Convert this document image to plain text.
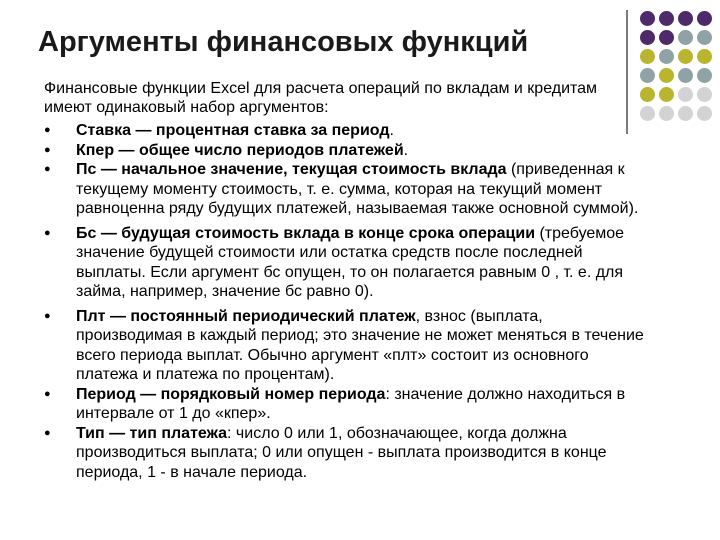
Аргументы финансовых функций
Финансовые функции Excel для расчета операций по вкладам и кредитам имеют одинаковый набор аргументов:
● Ставка — процентная ставка за период.
● Кпер — общее число периодов платежей.
● Пс — начальное значение, текущая стоимость вклада (приведенная к текущему моменту стоимость, т. е. сумма, которая на текущий момент равноценна ряду будущих платежей, называемая также основной суммой).
● Бс — будущая стоимость вклада в конце срока операции (требуемое значение будущей стоимости или остатка средств после последней выплаты. Если аргумент бс опущен, то он полагается равным 0 , т. е. для займа, например, значение бс равно 0).
● Плт — постоянный периодический платеж, взнос (выплата, производимая в каждый период; это значение не может меняться в течение всего периода выплат. Обычно аргумент «плт» состоит из основного платежа и платежа по процентам).
● Период — порядковый номер периода: значение должно находиться в интервале от 1 до «кпер».
● Тип — тип платежа: число 0 или 1, обозначающее, когда должна производиться выплата; 0 или опущен - выплата производится в конце периода, 1 - в начале периода.
